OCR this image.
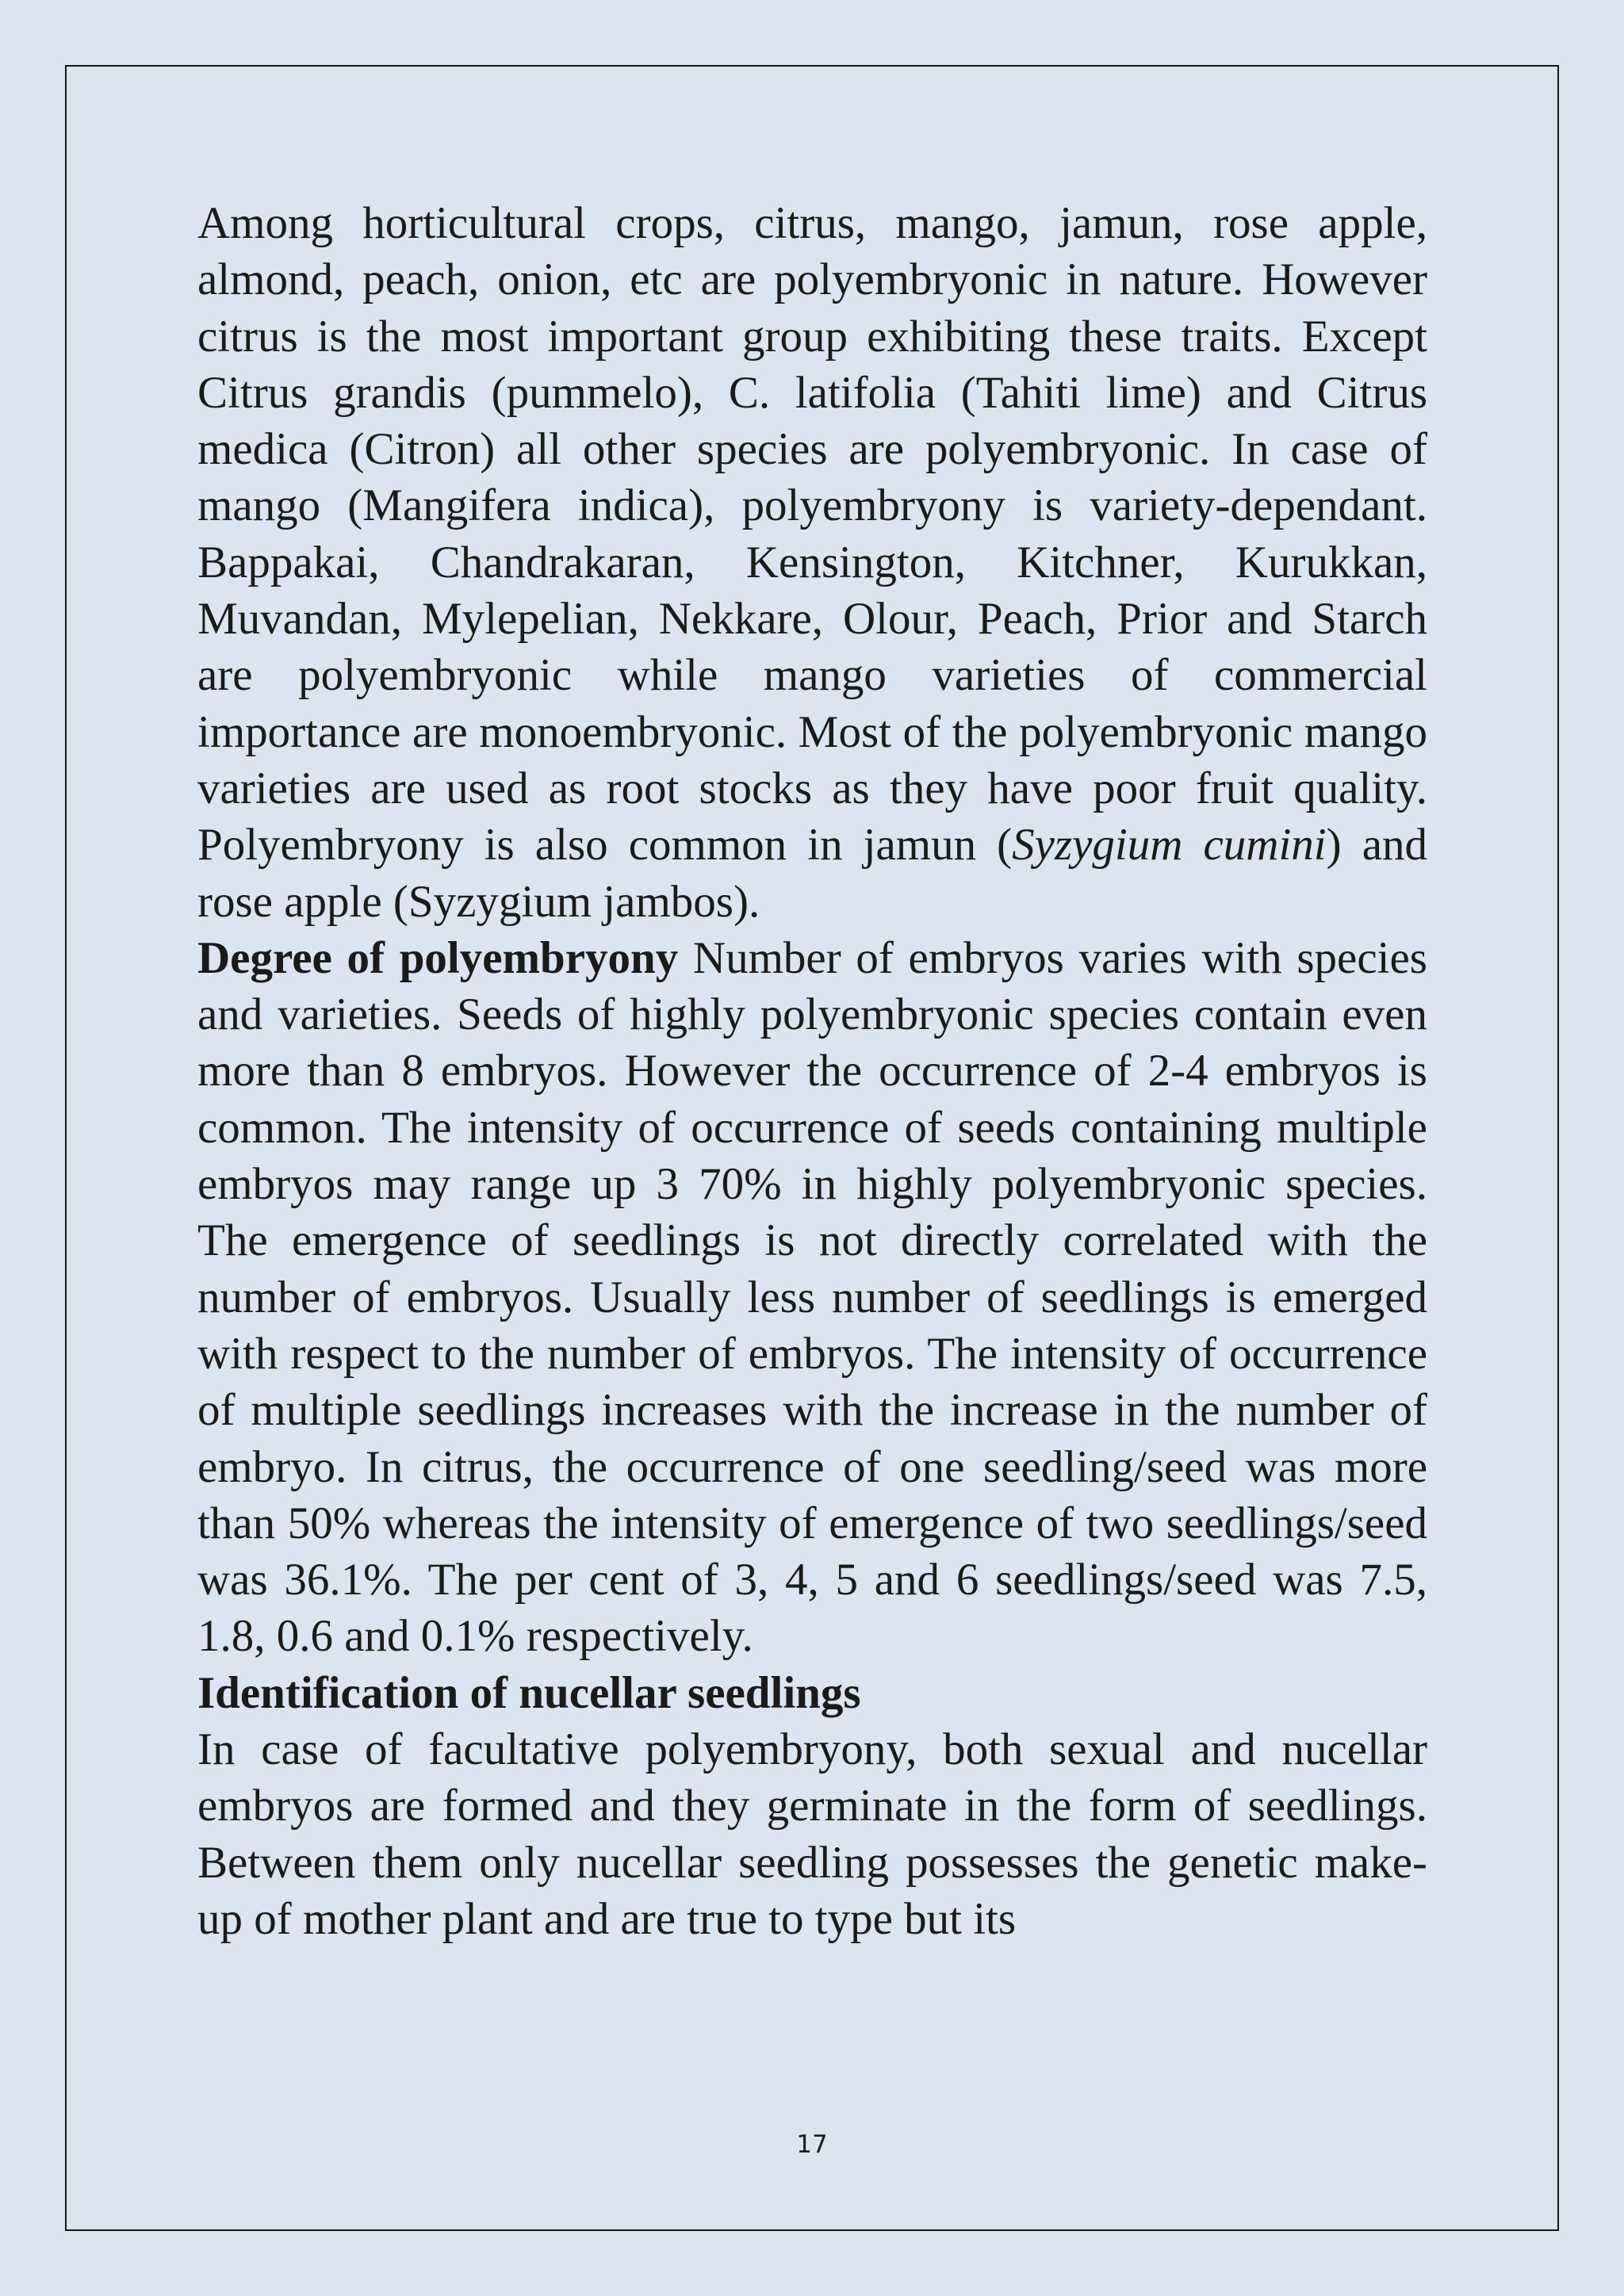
Among horticultural crops, citrus, mango, jamun, rose apple, almond, peach, onion, etc are polyembryonic in nature. However citrus is the most important group exhibiting these traits. Except Citrus grandis (pummelo), C. latifolia (Tahiti lime) and Citrus medica (Citron) all other species are polyembryonic. In case of mango (Mangifera indica), polyembryony is variety-dependant. Bappakai, Chandrakaran, Kensington, Kitchner, Kurukkan, Muvandan, Mylepelian, Nekkare, Olour, Peach, Prior and Starch are polyembryonic while mango varieties of commercial importance are monoembryonic. Most of the polyembryonic mango varieties are used as root stocks as they have poor fruit quality. Polyembryony is also common in jamun (Syzygium cumini) and rose apple (Syzygium jambos).

Degree of polyembryony Number of embryos varies with species and varieties. Seeds of highly polyembryonic species contain even more than 8 embryos. However the occurrence of 2-4 embryos is common. The intensity of occurrence of seeds containing multiple embryos may range up 3 70% in highly polyembryonic species. The emergence of seedlings is not directly correlated with the number of embryos. Usually less number of seedlings is emerged with respect to the number of embryos. The intensity of occurrence of multiple seedlings increases with the increase in the number of embryo. In citrus, the occurrence of one seedling/seed was more than 50% whereas the intensity of emergence of two seedlings/seed was 36.1%. The per cent of 3, 4, 5 and 6 seedlings/seed was 7.5, 1.8, 0.6 and 0.1% respectively.

Identification of nucellar seedlings

In case of facultative polyembryony, both sexual and nucellar embryos are formed and they germinate in the form of seedlings. Between them only nucellar seedling possesses the genetic make-up of mother plant and are true to type but its

17
